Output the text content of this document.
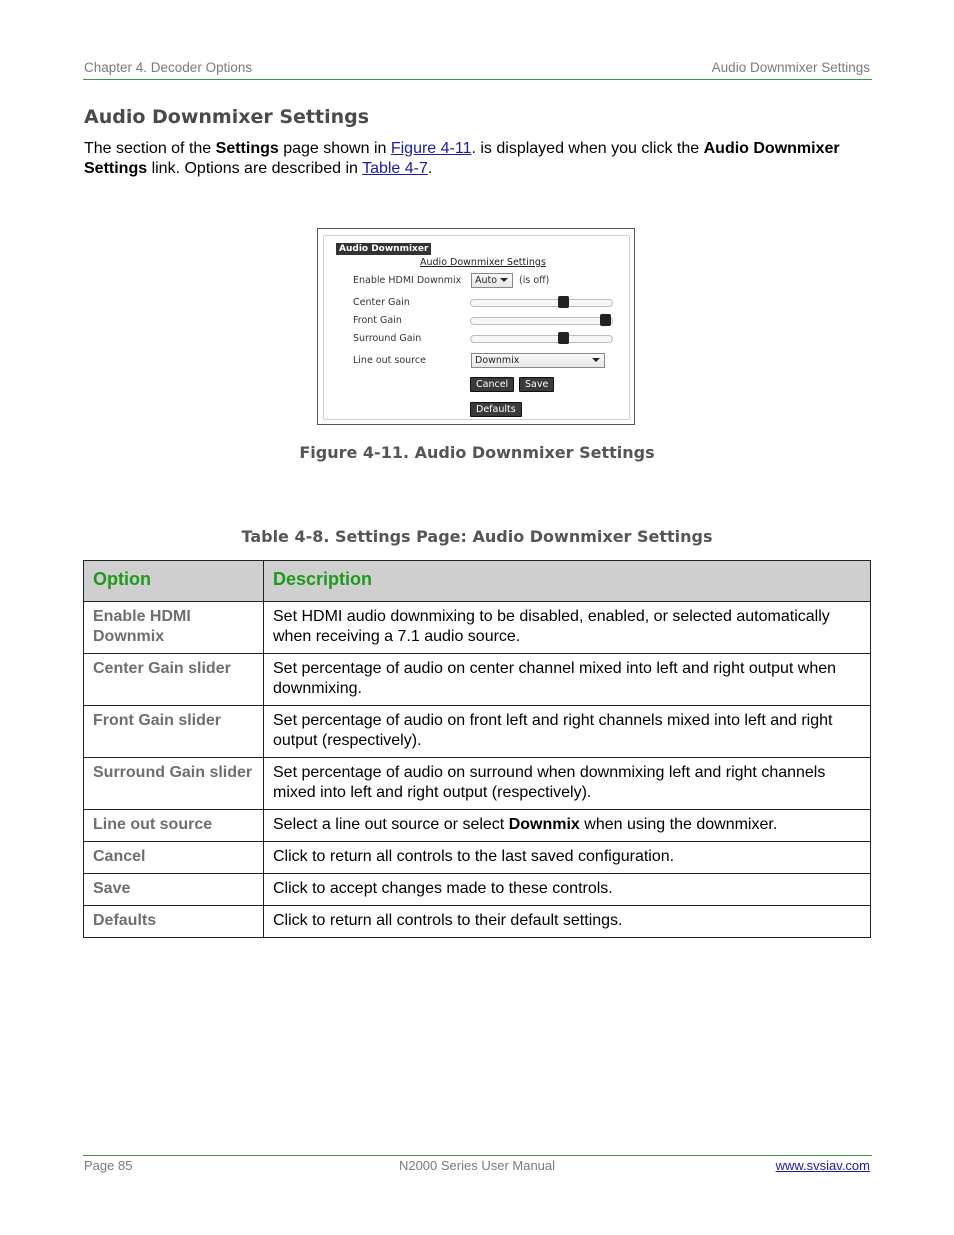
Chapter 4. Decoder Options	Audio Downmixer Settings
Audio Downmixer Settings
The section of the Settings page shown in Figure 4-11. is displayed when you click the Audio Downmixer Settings link. Options are described in Table 4-7.
Audio Downmixer
Audio Downmixer Settings
Enable HDMI Downmix	Auto	(is off)
Center Gain
Front Gain
Surround Gain
Line out source	Downmix
Cancel	Save
Defaults
Figure 4-11. Audio Downmixer Settings
Table 4-8. Settings Page: Audio Downmixer Settings
Option	Description
Enable HDMI Downmix	Set HDMI audio downmixing to be disabled, enabled, or selected automatically when receiving a 7.1 audio source.
Center Gain slider	Set percentage of audio on center channel mixed into left and right output when downmixing.
Front Gain slider	Set percentage of audio on front left and right channels mixed into left and right output (respectively).
Surround Gain slider	Set percentage of audio on surround when downmixing left and right channels mixed into left and right output (respectively).
Line out source	Select a line out source or select Downmix when using the downmixer.
Cancel	Click to return all controls to the last saved configuration.
Save	Click to accept changes made to these controls.
Defaults	Click to return all controls to their default settings.
Page 85	N2000 Series User Manual	www.svsiav.com
